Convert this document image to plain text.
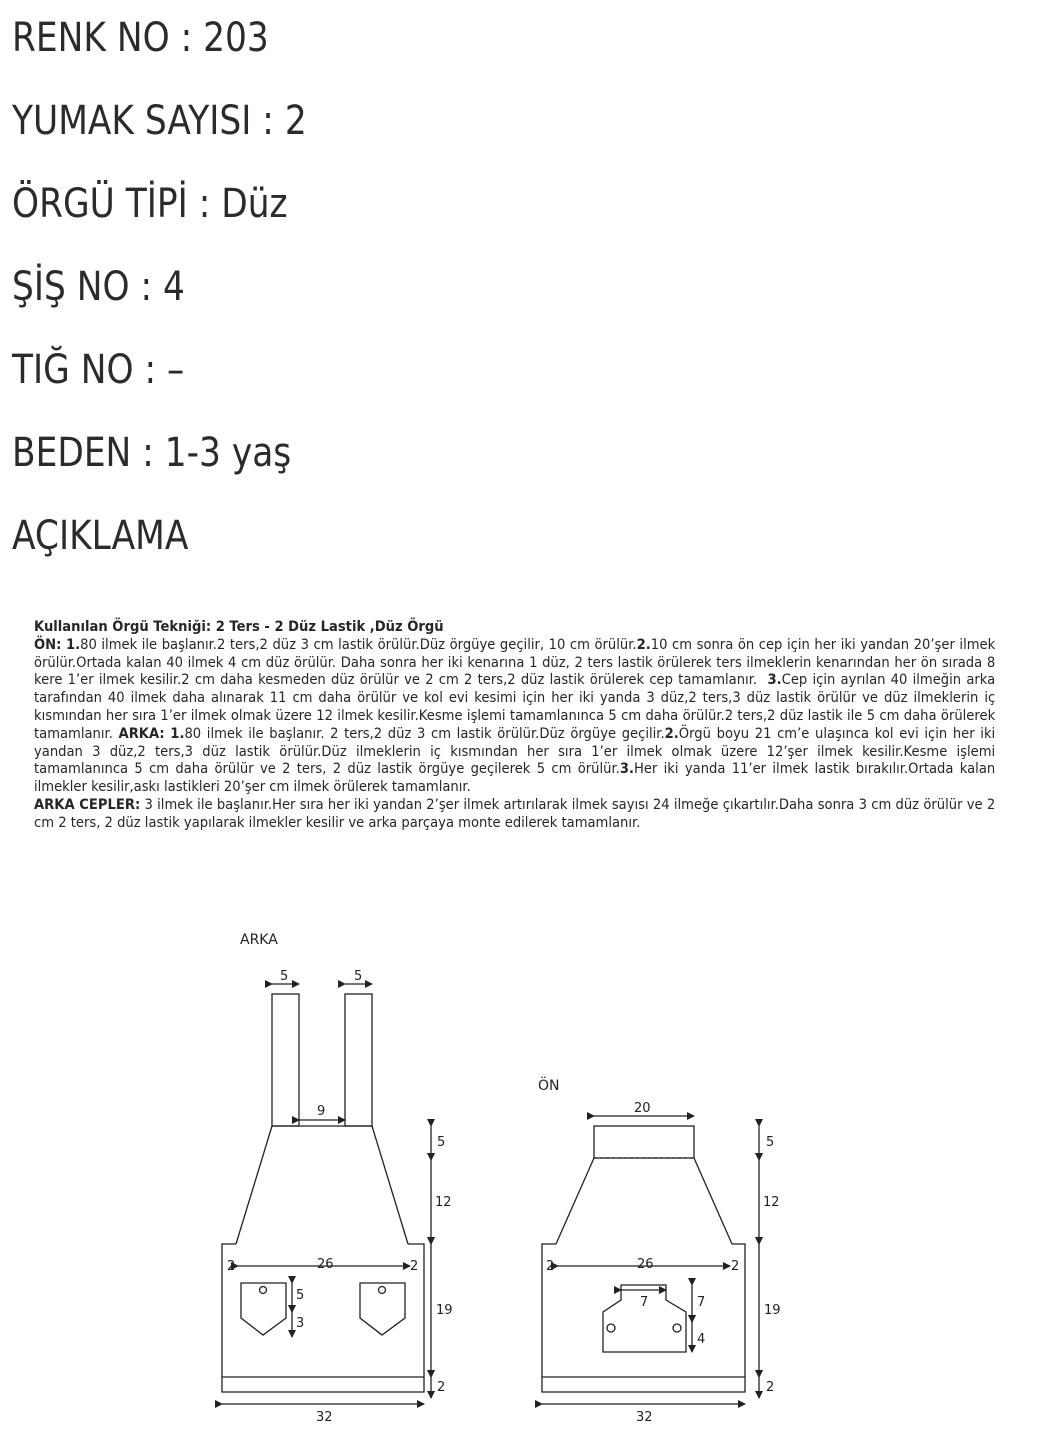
RENK NO : 203
YUMAK SAYISI : 2
ÖRGÜ TİPİ : Düz
ŞİŞ NO : 4
TIĞ NO : –
BEDEN : 1-3 yaş
AÇIKLAMA
Kullanılan Örgü Tekniği: 2 Ters - 2 Düz Lastik ,Düz Örgü
ÖN: 1.80 ilmek ile başlanır.2 ters,2 düz 3 cm lastik örülür.Düz örgüye geçilir, 10 cm örülür.2.10 cm sonra ön cep için her iki yandan 20’şer ilmek örülür.Ortada kalan 40 ilmek 4 cm düz örülür. Daha sonra her iki kenarına 1 düz, 2 ters lastik örülerek ters ilmeklerin kenarından her ön sırada 8 kere 1’er ilmek kesilir.2 cm daha kesmeden düz örülür ve 2 cm 2 ters,2 düz lastik örülerek cep tamamlanır. 3.Cep için ayrılan 40 ilmeğin arka tarafından 40 ilmek daha alınarak 11 cm daha örülür ve kol evi kesimi için her iki yanda 3 düz,2 ters,3 düz lastik örülür ve düz ilmeklerin iç kısmından her sıra 1’er ilmek olmak üzere 12 ilmek kesilir.Kesme işlemi tamamlanınca 5 cm daha örülür.2 ters,2 düz lastik ile 5 cm daha örülerek tamamlanır. ARKA: 1.80 ilmek ile başlanır. 2 ters,2 düz 3 cm lastik örülür.Düz örgüye geçilir.2.Örgü boyu 21 cm’e ulaşınca kol evi için her iki yandan 3 düz,2 ters,3 düz lastik örülür.Düz ilmeklerin iç kısmından her sıra 1’er ilmek olmak üzere 12’şer ilmek kesilir.Kesme işlemi tamamlanınca 5 cm daha örülür ve 2 ters, 2 düz lastik örgüye geçilerek 5 cm örülür.3.Her iki yanda 11’er ilmek lastik bırakılır.Ortada kalan ilmekler kesilir,askı lastikleri 20’şer cm ilmek örülerek tamamlanır.
ARKA CEPLER: 3 ilmek ile başlanır.Her sıra her iki yandan 2’şer ilmek artırılarak ilmek sayısı 24 ilmeğe çıkartılır.Daha sonra 3 cm düz örülür ve 2 cm 2 ters, 2 düz lastik yapılarak ilmekler kesilir ve arka parçaya monte edilerek tamamlanır.
ARKA
5	5
9
5
12
26
2	2
5
3
19
2
32
ÖN
20
5
12
26
2	2
7	7
4
19
2
32
